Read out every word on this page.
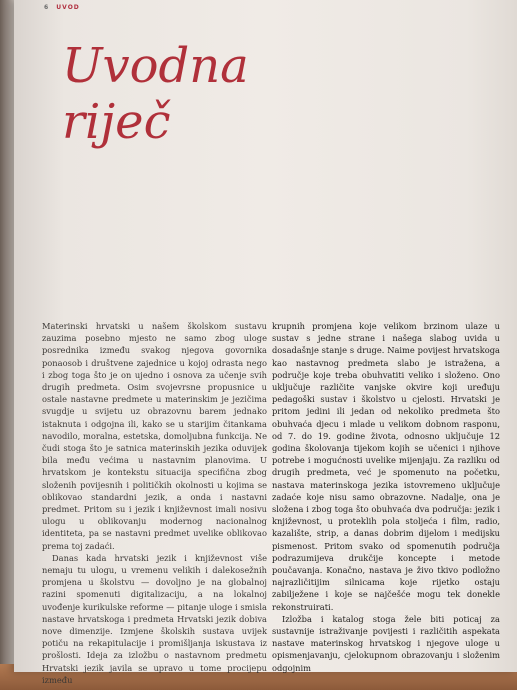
6 UVOD
Uvodna
riječ

Materinski hrvatski u našem školskom sustavu zauzima posebno mjesto ne samo zbog uloge posrednika između svakog njegova govornika ponaosob i društvene zajednice u kojoj odrasta nego i zbog toga što je on ujedno i osnova za učenje svih drugih predmeta. Osim svojevrsne propusnice u ostale nastavne predmete u materinskim je jezičima svugdje u svijetu uz obrazovnu barem jednako istaknuta i odgojna ili, kako se u starijim čitankama navodilo, moralna, estetska, domoljubna funkcija. Ne čudi stoga što je satnica materinskih jezika oduvijek bila među većima u nastavnim planovima. U hrvatskom je kontekstu situacija specifična zbog složenih povijesnih i političkih okolnosti u kojima se oblikovao standardni jezik, a onda i nastavni predmet. Pritom su i jezik i književnost imali nosivu ulogu u oblikovanju modernog nacionalnog identiteta, pa se nastavni predmet uvelike oblikovao prema toj zadaći.

Danas kada hrvatski jezik i književnost više nemaju tu ulogu, u vremenu velikih i dalekosežnih promjena u školstvu — dovoljno je na globalnoj razini spomenuti digitalizaciju, a na lokalnoj uvođenje kurikulske reforme — pitanje uloge i smisla nastave hrvatskoga i predmeta Hrvatski jezik dobiva nove dimenzije. Izmjene školskih sustava uvijek potiču na rekapitulacije i promišljanja iskustava iz prošlosti. Ideja za izložbu o nastavnom predmetu Hrvatski jezik javila se upravo u tome procijepu između

krupnih promjena koje velikom brzinom ulaze u sustav s jedne strane i našega slabog uvida u dosadašnje stanje s druge. Naime povijest hrvatskoga kao nastavnog predmeta slabo je istražena, a područje koje treba obuhvatiti veliko i složeno. Ono uključuje različite vanjske okvire koji uređuju pedagoški sustav i školstvo u cjelosti. Hrvatski je pritom jedini ili jedan od nekoliko predmeta što obuhvaća djecu i mlade u velikom dobnom rasponu, od 7. do 19. godine života, odnosno uključuje 12 godina školovanja tijekom kojih se učenici i njihove potrebe i mogućnosti uvelike mijenjaju. Za razliku od drugih predmeta, već je spomenuto na početku, nastava materinskoga jezika istovremeno uključuje zadaće koje nisu samo obrazovne. Nadalje, ona je složena i zbog toga što obuhvaća dva područja: jezik i književnost, u proteklih pola stoljeća i film, radio, kazalište, strip, a danas dobrim dijelom i medijsku pismenost. Pritom svako od spomenutih područja podrazumijeva drukčije koncepte i metode poučavanja. Konačno, nastava je živo tkivo podložno najrazličitijim silnicama koje rijetko ostaju zabilježene i koje se najčešće mogu tek donekle rekonstruirati.

Izložba i katalog stoga žele biti poticaj za sustavnije istraživanje povijesti i različitih aspekata nastave materinskog hrvatskog i njegove uloge u opismenjavanju, cjelokupnom obrazovanju i složenim odgojnim
